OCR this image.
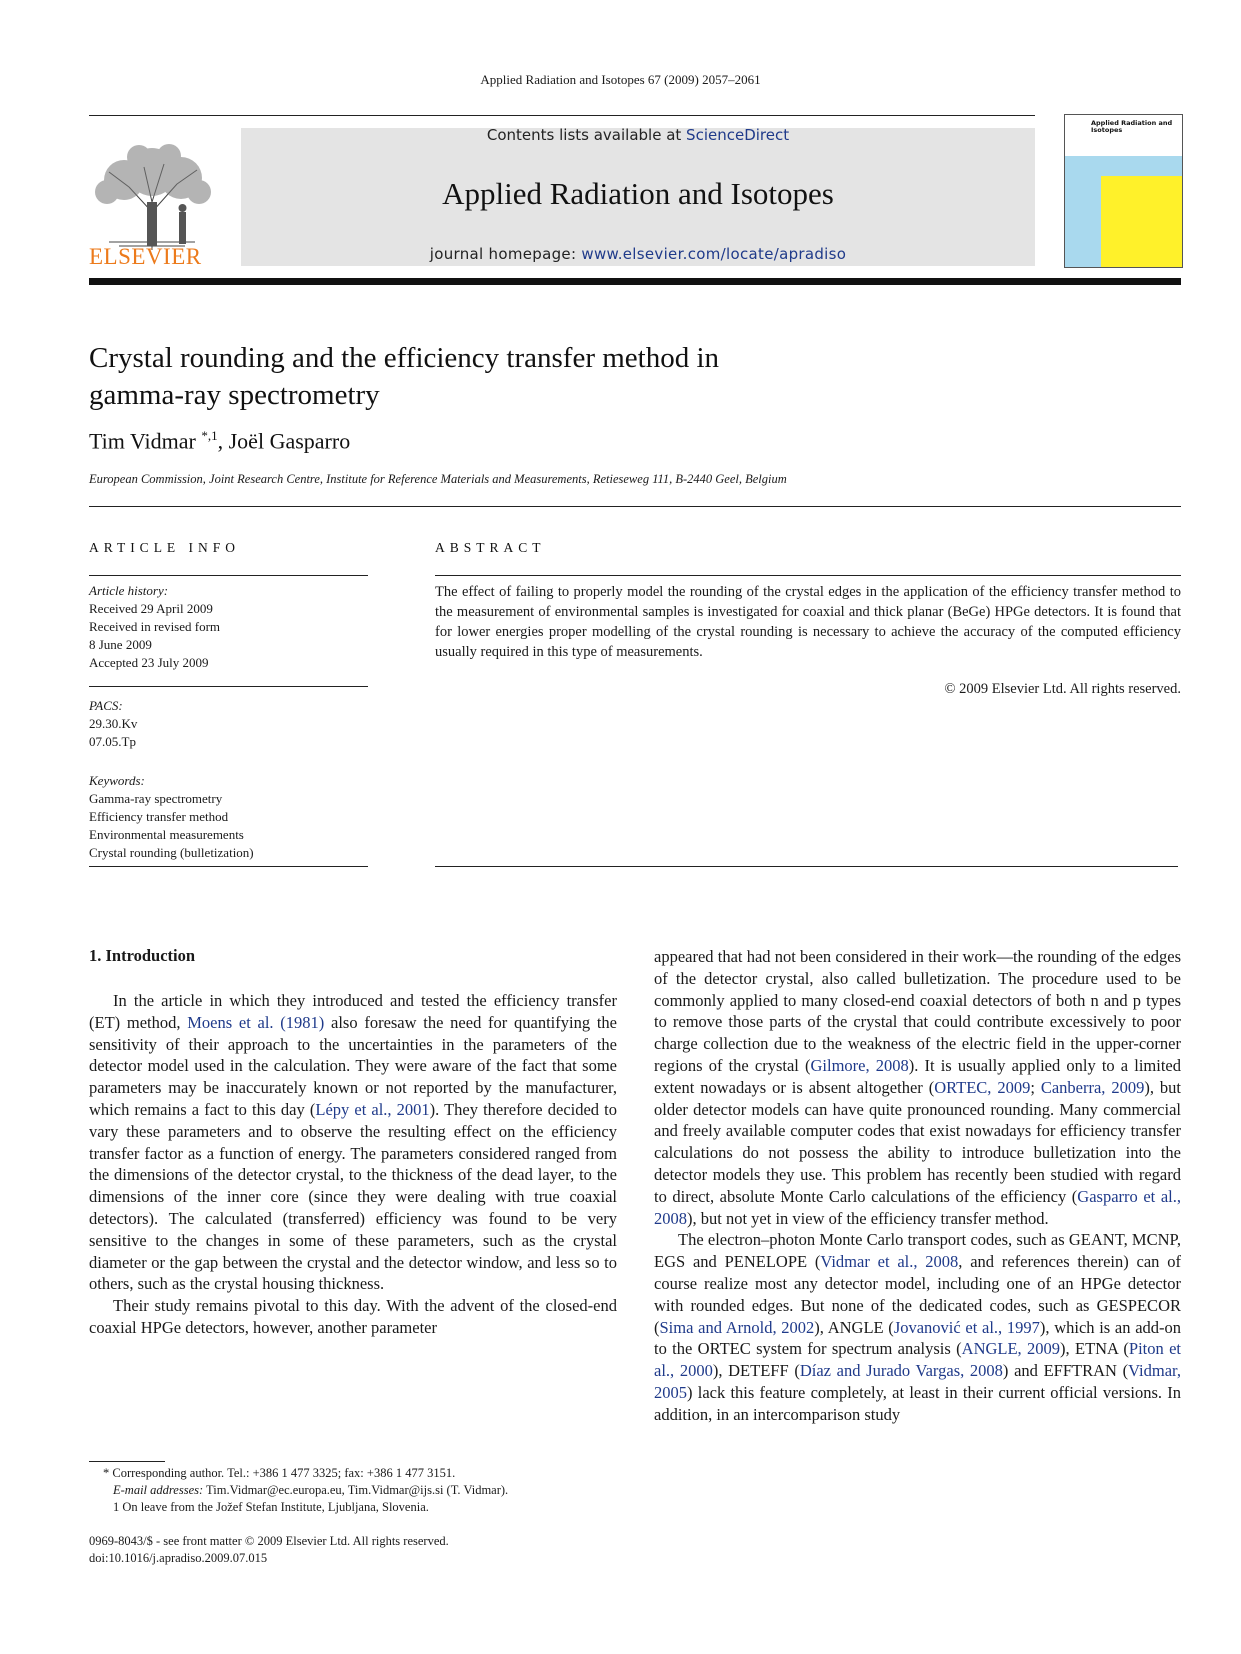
Applied Radiation and Isotopes 67 (2009) 2057–2061
ELSEVIER
Contents lists available at ScienceDirect
Applied Radiation and Isotopes
journal homepage: www.elsevier.com/locate/apradiso
Applied Radiation and Isotopes
Crystal rounding and the efficiency transfer method in
gamma-ray spectrometry
Tim Vidmar $^{*,1}$, Joël Gasparro
European Commission, Joint Research Centre, Institute for Reference Materials and Measurements, Retieseweg 111, B-2440 Geel, Belgium
ARTICLE INFO
Article history:
Received 29 April 2009
Received in revised form
8 June 2009
Accepted 23 July 2009
PACS:
29.30.Kv
07.05.Tp
Keywords:
Gamma-ray spectrometry
Efficiency transfer method
Environmental measurements
Crystal rounding (bulletization)
ABSTRACT
The effect of failing to properly model the rounding of the crystal edges in the application of the efficiency transfer method to the measurement of environmental samples is investigated for coaxial and thick planar (BeGe) HPGe detectors. It is found that for lower energies proper modelling of the crystal rounding is necessary to achieve the accuracy of the computed efficiency usually required in this type of measurements.
© 2009 Elsevier Ltd. All rights reserved.
1. Introduction

In the article in which they introduced and tested the efficiency transfer (ET) method, Moens et al. (1981) also foresaw the need for quantifying the sensitivity of their approach to the uncertainties in the parameters of the detector model used in the calculation. They were aware of the fact that some parameters may be inaccurately known or not reported by the manufacturer, which remains a fact to this day (Lépy et al., 2001). They therefore decided to vary these parameters and to observe the resulting effect on the efficiency transfer factor as a function of energy. The parameters considered ranged from the dimensions of the detector crystal, to the thickness of the dead layer, to the dimensions of the inner core (since they were dealing with true coaxial detectors). The calculated (transferred) efficiency was found to be very sensitive to the changes in some of these parameters, such as the crystal diameter or the gap between the crystal and the detector window, and less so to others, such as the crystal housing thickness.

Their study remains pivotal to this day. With the advent of the closed-end coaxial HPGe detectors, however, another parameter

appeared that had not been considered in their work—the rounding of the edges of the detector crystal, also called bulletization. The procedure used to be commonly applied to many closed-end coaxial detectors of both n and p types to remove those parts of the crystal that could contribute excessively to poor charge collection due to the weakness of the electric field in the upper-corner regions of the crystal (Gilmore, 2008). It is usually applied only to a limited extent nowadays or is absent altogether (ORTEC, 2009; Canberra, 2009), but older detector models can have quite pronounced rounding. Many commercial and freely available computer codes that exist nowadays for efficiency transfer calculations do not possess the ability to introduce bulletization into the detector models they use. This problem has recently been studied with regard to direct, absolute Monte Carlo calculations of the efficiency (Gasparro et al., 2008), but not yet in view of the efficiency transfer method.

The electron–photon Monte Carlo transport codes, such as GEANT, MCNP, EGS and PENELOPE (Vidmar et al., 2008, and references therein) can of course realize most any detector model, including one of an HPGe detector with rounded edges. But none of the dedicated codes, such as GESPECOR (Sima and Arnold, 2002), ANGLE (Jovanović et al., 1997), which is an add-on to the ORTEC system for spectrum analysis (ANGLE, 2009), ETNA (Piton et al., 2000), DETEFF (Díaz and Jurado Vargas, 2008) and EFFTRAN (Vidmar, 2005) lack this feature completely, at least in their current official versions. In addition, in an intercomparison study

* Corresponding author. Tel.: +386 1 477 3325; fax: +386 1 477 3151.
E-mail addresses: Tim.Vidmar@ec.europa.eu, Tim.Vidmar@ijs.si (T. Vidmar).
1 On leave from the Jožef Stefan Institute, Ljubljana, Slovenia.
0969-8043/$ - see front matter © 2009 Elsevier Ltd. All rights reserved.
doi:10.1016/j.apradiso.2009.07.015
